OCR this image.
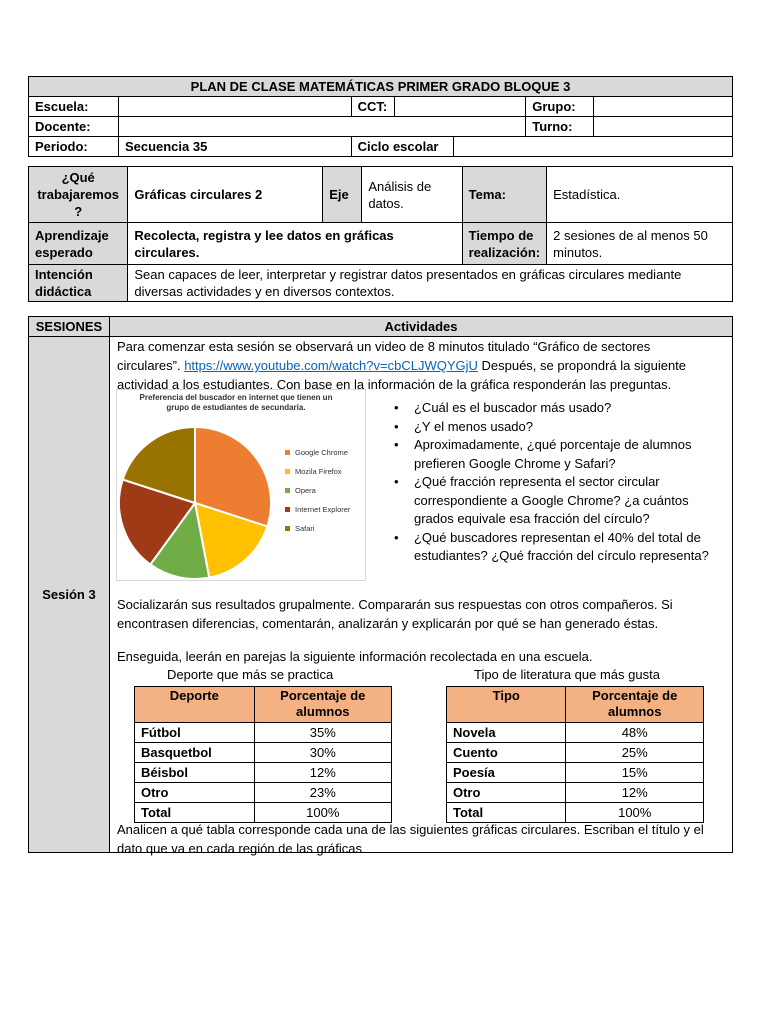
PLAN DE CLASE MATEMÁTICAS PRIMER GRADO BLOQUE 3						
Escuela:		CCT:			Grupo:	
Docente:					Turno:	
Periodo:	Secuencia 35	Ciclo escolar				
¿Qué trabajaremos ?	Gráficas circulares 2	Eje	Análisis de datos.	Tema:	Estadística.
Aprendizaje esperado	Recolecta, registra y lee datos en gráficas circulares.			Tiempo de realización:	2 sesiones de al menos 50 minutos.
Intención didáctica	Sean capaces de leer, interpretar y registrar datos presentados en gráficas circulares mediante diversas actividades y en diversos contextos.				
SESIONES	Actividades
Sesión 3	
Para comenzar esta sesión se observará un video de 8 minutos titulado “Gráfico de sectores circulares”. https://www.youtube.com/watch?v=cbCLJWQYGjU Después, se propondrá la siguiente actividad a los estudiantes. Con base en la información de la gráfica responderán las preguntas.
Preferencia del buscador en internet que tienen un grupo de estudiantes de secundaria.
Google Chrome
Mozila Firefox
Opera
Internet Explorer
Safari
• ¿Cuál es el buscador más usado?
• ¿Y el menos usado?
• Aproximadamente, ¿qué porcentaje de alumnos prefieren Google Chrome y Safari?
• ¿Qué fracción representa el sector circular correspondiente a Google Chrome? ¿a cuántos grados equivale esa fracción del círculo?
• ¿Qué buscadores representan el 40% del total de estudiantes? ¿Qué fracción del círculo representa?
Socializarán sus resultados grupalmente. Compararán sus respuestas con otros compañeros. Si encontrasen diferencias, comentarán, analizarán y explicarán por qué se han generado éstas.
Enseguida, leerán en parejas la siguiente información recolectada en una escuela.
Deporte que más se practica	Tipo de literatura que más gusta
Deporte	Porcentaje de alumnos
Fútbol	35%
Basquetbol	30%
Béisbol	12%
Otro	23%
Total	100%
Tipo	Porcentaje de alumnos
Novela	48%
Cuento	25%
Poesía	15%
Otro	12%
Total	100%
Analicen a qué tabla corresponde cada una de las siguientes gráficas circulares. Escriban el título y el dato que va en cada región de las gráficas
